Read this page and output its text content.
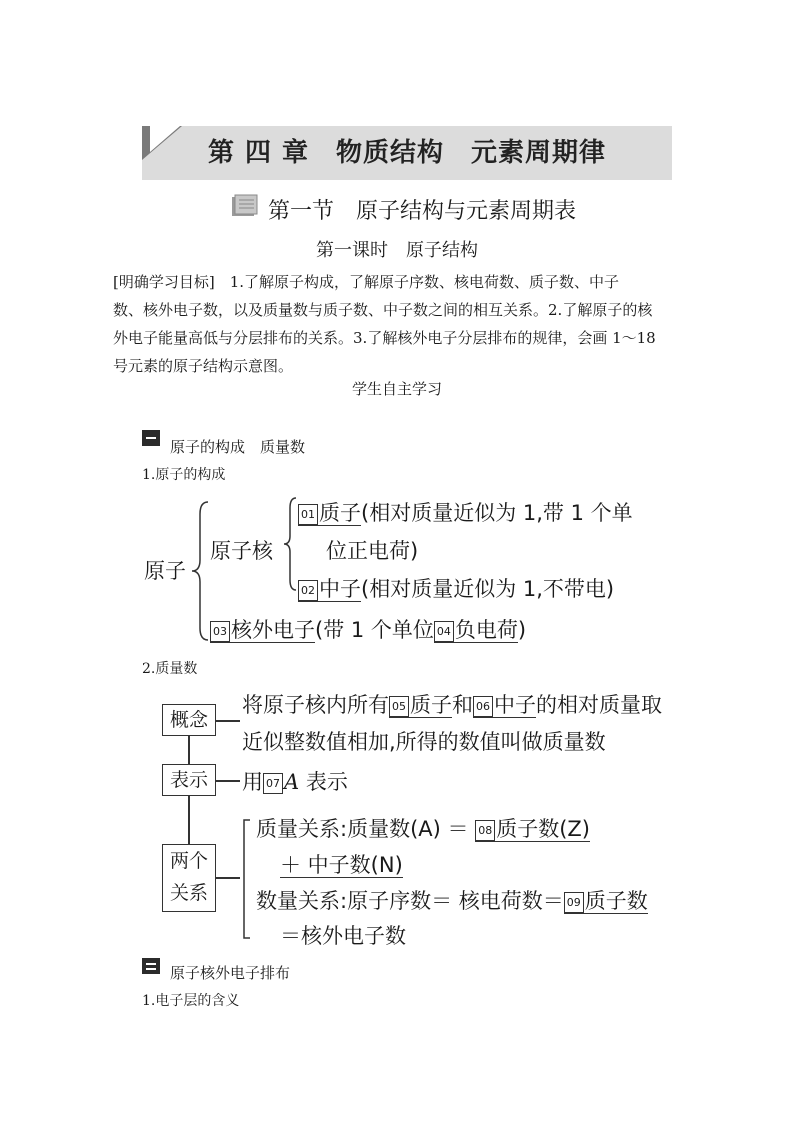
第 四 章　物质结构　元素周期律
第一节　原子结构与元素周期表
第一课时　原子结构

[明确学习目标]　1.了解原子构成，了解原子序数、核电荷数、质子数、中子

数、核外电子数，以及质量数与质子数、中子数之间的相互关系。2.了解原子的核

外电子能量高低与分层排布的关系。3.了解核外电子分层排布的规律，会画 1～18

号元素的原子结构示意图。

学生自主学习
原子的构成　质量数
1.原子的构成
原子
原子核
01 质子(相对质量近似为 1,带 1 个单
位正电荷)
02 中子(相对质量近似为 1,不带电)
03 核外电子(带 1 个单位 04 负电荷)
2.质量数
概念
将原子核内所有 05 质子和 06 中子的相对质量取
近似整数值相加,所得的数值叫做质量数
表示	用 07 A 表示
两个
关系
质量关系:质量数(A) ＝ 08 质子数(Z)
＋ 中子数(N)
数量关系:原子序数＝ 核电荷数＝ 09 质子数
＝核外电子数
原子核外电子排布
1.电子层的含义
